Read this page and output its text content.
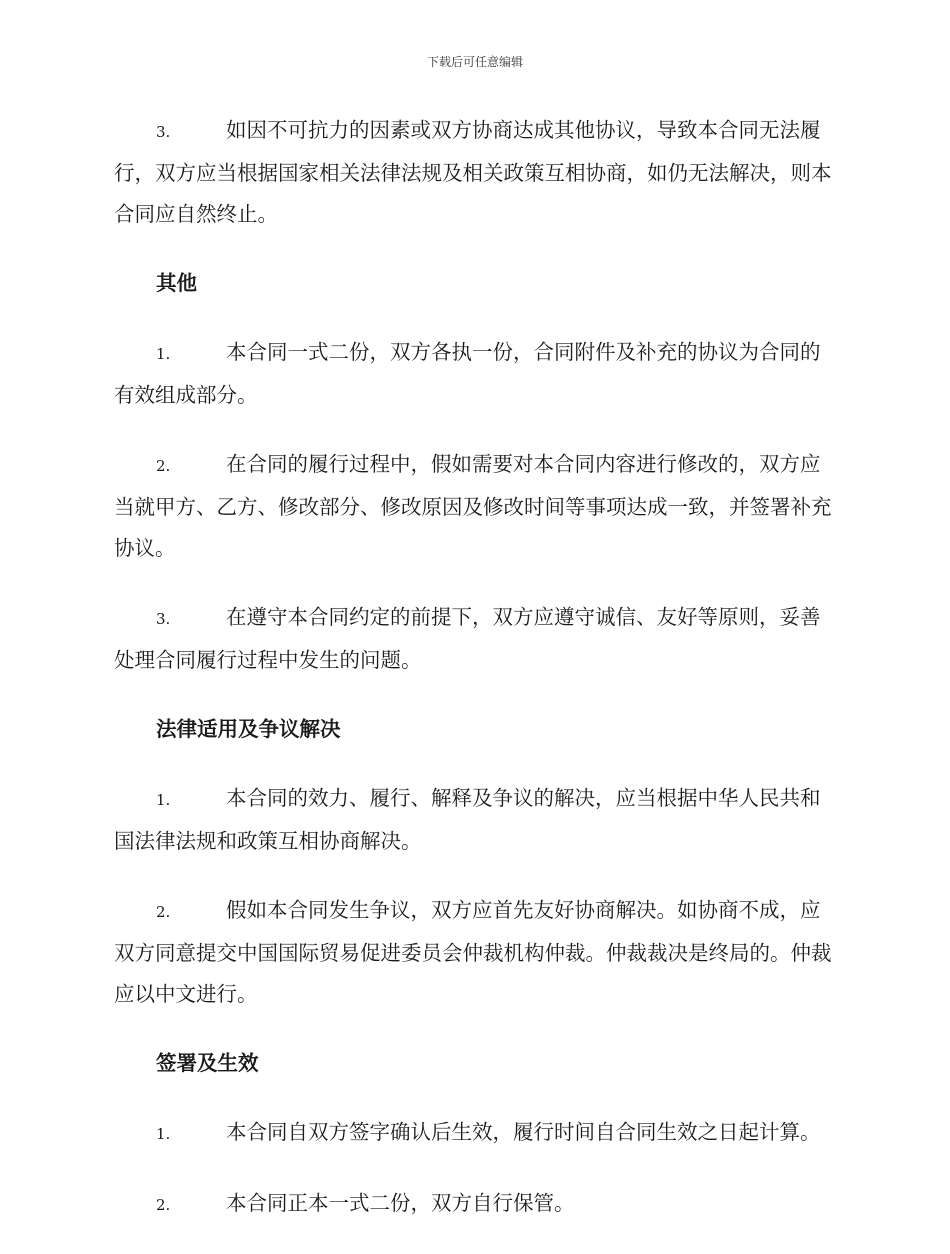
下载后可任意编辑

3.	如因不可抗力的因素或双方协商达成其他协议，导致本合同无法履行，双方应当根据国家相关法律法规及相关政策互相协商，如仍无法解决，则本合同应自然终止。

其他

1.	本合同一式二份，双方各执一份，合同附件及补充的协议为合同的有效组成部分。

2.	在合同的履行过程中，假如需要对本合同内容进行修改的，双方应当就甲方、乙方、修改部分、修改原因及修改时间等事项达成一致，并签署补充协议。

3.	在遵守本合同约定的前提下，双方应遵守诚信、友好等原则，妥善处理合同履行过程中发生的问题。

法律适用及争议解决

1.	本合同的效力、履行、解释及争议的解决，应当根据中华人民共和国法律法规和政策互相协商解决。

2.	假如本合同发生争议，双方应首先友好协商解决。如协商不成，应双方同意提交中国国际贸易促进委员会仲裁机构仲裁。仲裁裁决是终局的。仲裁应以中文进行。

签署及生效

1.	本合同自双方签字确认后生效，履行时间自合同生效之日起计算。

2.	本合同正本一式二份，双方自行保管。
